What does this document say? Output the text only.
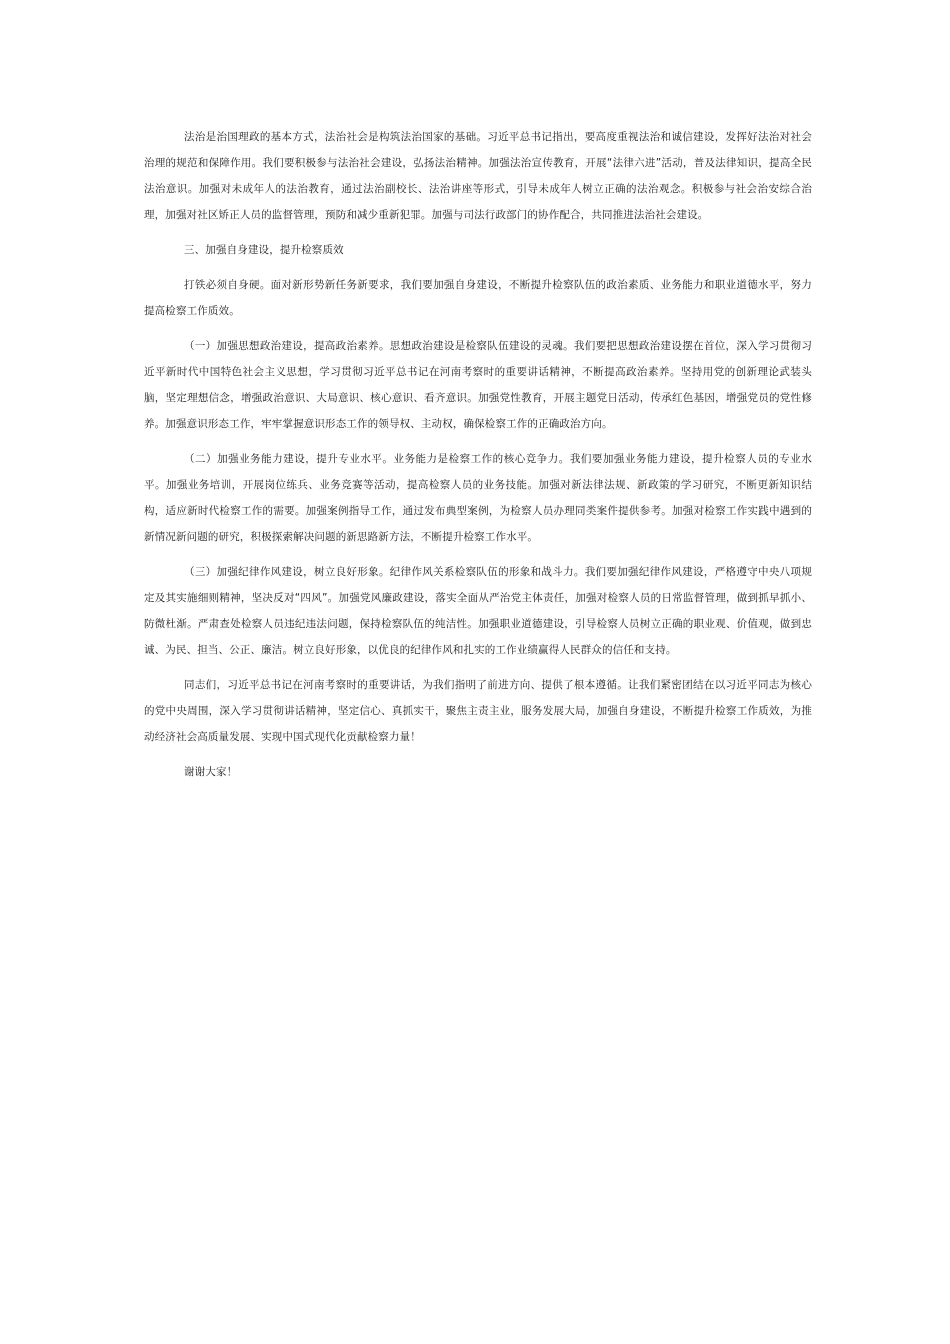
法治是治国理政的基本方式，法治社会是构筑法治国家的基础。习近平总书记指出，要高度重视法治和诚信建设，发挥好法治对社会治理的规范和保障作用。我们要积极参与法治社会建设，弘扬法治精神。加强法治宣传教育，开展“法律六进”活动，普及法律知识，提高全民法治意识。加强对未成年人的法治教育，通过法治副校长、法治讲座等形式，引导未成年人树立正确的法治观念。积极参与社会治安综合治理，加强对社区矫正人员的监督管理，预防和减少重新犯罪。加强与司法行政部门的协作配合，共同推进法治社会建设。

三、加强自身建设，提升检察质效

打铁必须自身硬。面对新形势新任务新要求，我们要加强自身建设，不断提升检察队伍的政治素质、业务能力和职业道德水平，努力提高检察工作质效。

（一）加强思想政治建设，提高政治素养。思想政治建设是检察队伍建设的灵魂。我们要把思想政治建设摆在首位，深入学习贯彻习近平新时代中国特色社会主义思想，学习贯彻习近平总书记在河南考察时的重要讲话精神，不断提高政治素养。坚持用党的创新理论武装头脑，坚定理想信念，增强政治意识、大局意识、核心意识、看齐意识。加强党性教育，开展主题党日活动，传承红色基因，增强党员的党性修养。加强意识形态工作，牢牢掌握意识形态工作的领导权、主动权，确保检察工作的正确政治方向。

（二）加强业务能力建设，提升专业水平。业务能力是检察工作的核心竞争力。我们要加强业务能力建设，提升检察人员的专业水平。加强业务培训，开展岗位练兵、业务竞赛等活动，提高检察人员的业务技能。加强对新法律法规、新政策的学习研究，不断更新知识结构，适应新时代检察工作的需要。加强案例指导工作，通过发布典型案例，为检察人员办理同类案件提供参考。加强对检察工作实践中遇到的新情况新问题的研究，积极探索解决问题的新思路新方法，不断提升检察工作水平。

（三）加强纪律作风建设，树立良好形象。纪律作风关系检察队伍的形象和战斗力。我们要加强纪律作风建设，严格遵守中央八项规定及其实施细则精神，坚决反对“四风”。加强党风廉政建设，落实全面从严治党主体责任，加强对检察人员的日常监督管理，做到抓早抓小、防微杜渐。严肃查处检察人员违纪违法问题，保持检察队伍的纯洁性。加强职业道德建设，引导检察人员树立正确的职业观、价值观，做到忠诚、为民、担当、公正、廉洁。树立良好形象，以优良的纪律作风和扎实的工作业绩赢得人民群众的信任和支持。

同志们，习近平总书记在河南考察时的重要讲话，为我们指明了前进方向、提供了根本遵循。让我们紧密团结在以习近平同志为核心的党中央周围，深入学习贯彻讲话精神，坚定信心、真抓实干，聚焦主责主业，服务发展大局，加强自身建设，不断提升检察工作质效，为推动经济社会高质量发展、实现中国式现代化贡献检察力量！

谢谢大家！
